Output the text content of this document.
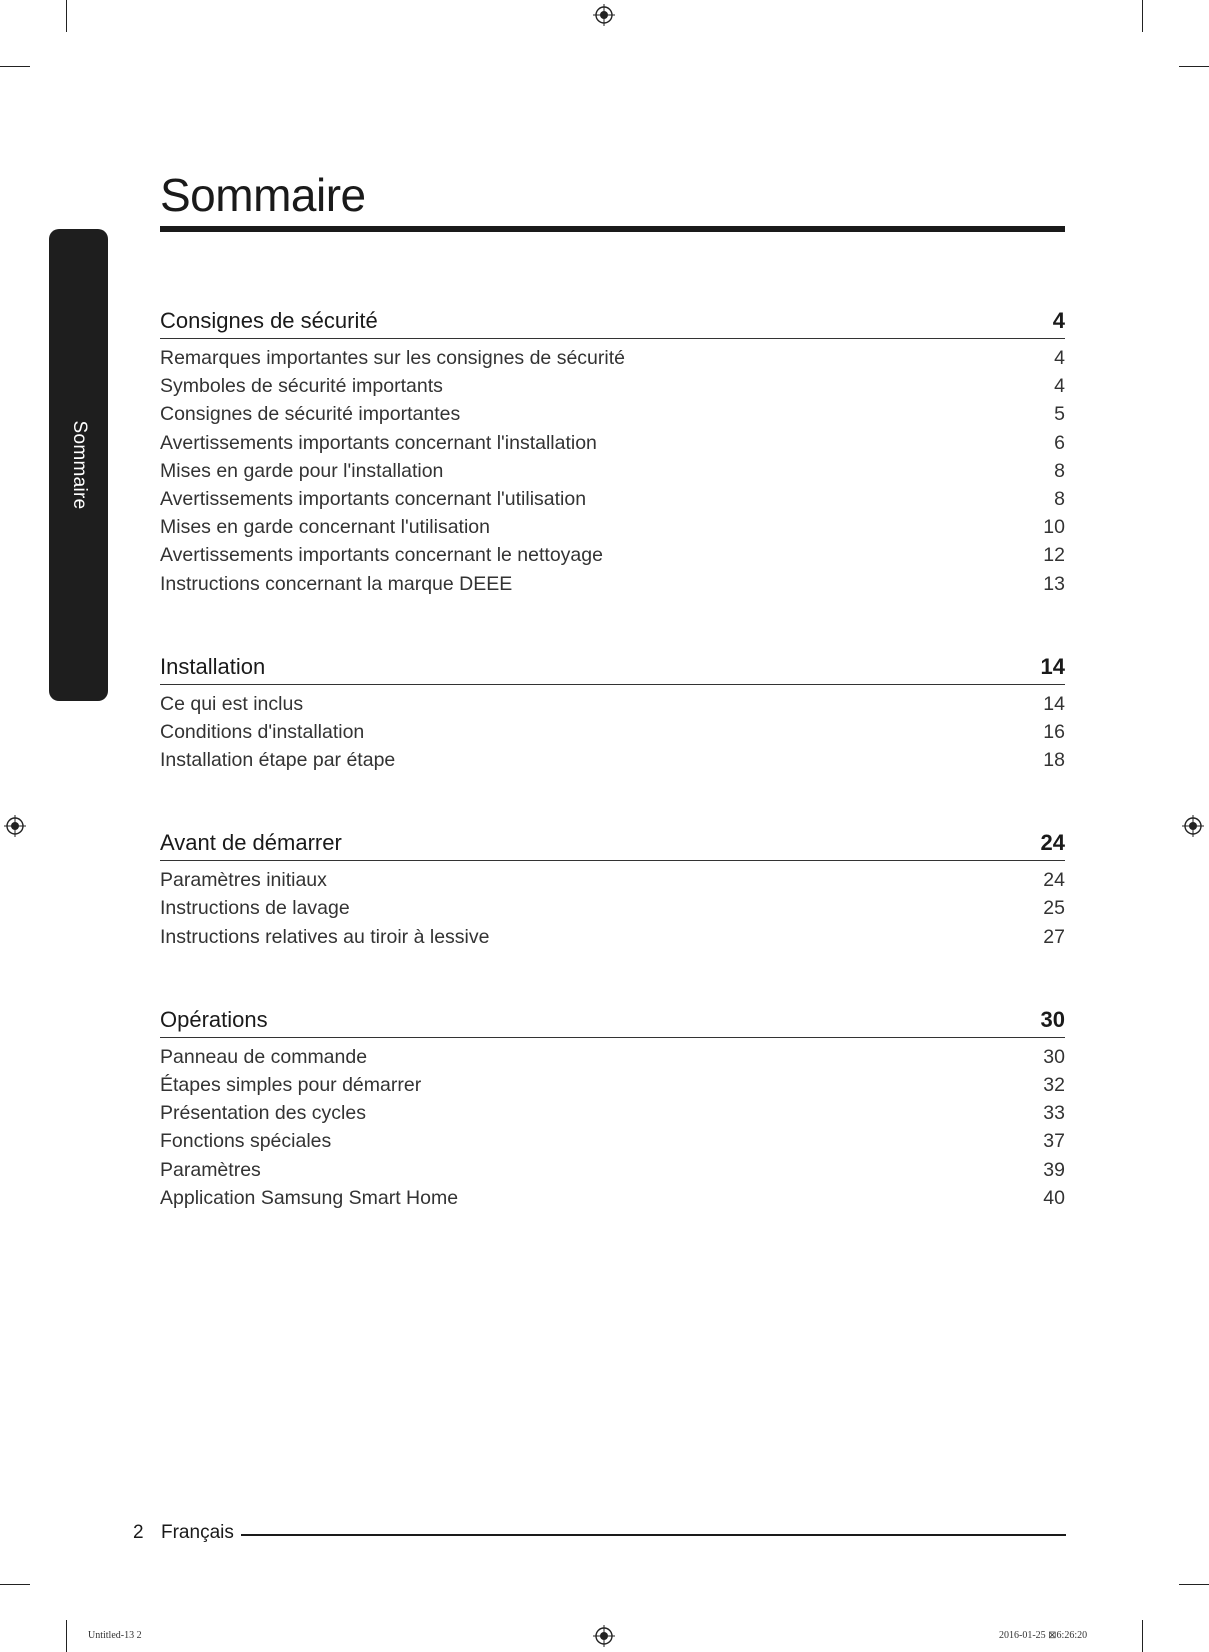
Sommaire
Sommaire
Consignes de sécurité	4
Remarques importantes sur les consignes de sécurité	4
Symboles de sécurité importants	4
Consignes de sécurité importantes	5
Avertissements importants concernant l'installation	6
Mises en garde pour l'installation	8
Avertissements importants concernant l'utilisation	8
Mises en garde concernant l'utilisation	10
Avertissements importants concernant le nettoyage	12
Instructions concernant la marque DEEE	13
Installation	14
Ce qui est inclus	14
Conditions d'installation	16
Installation étape par étape	18
Avant de démarrer	24
Paramètres initiaux	24
Instructions de lavage	25
Instructions relatives au tiroir à lessive	27
Opérations	30
Panneau de commande	30
Étapes simples pour démarrer	32
Présentation des cycles	33
Fonctions spéciales	37
Paramètres	39
Application Samsung Smart Home	40
2 Français
Untitled-13 2	2016-01-25 ⊠6:26:20
